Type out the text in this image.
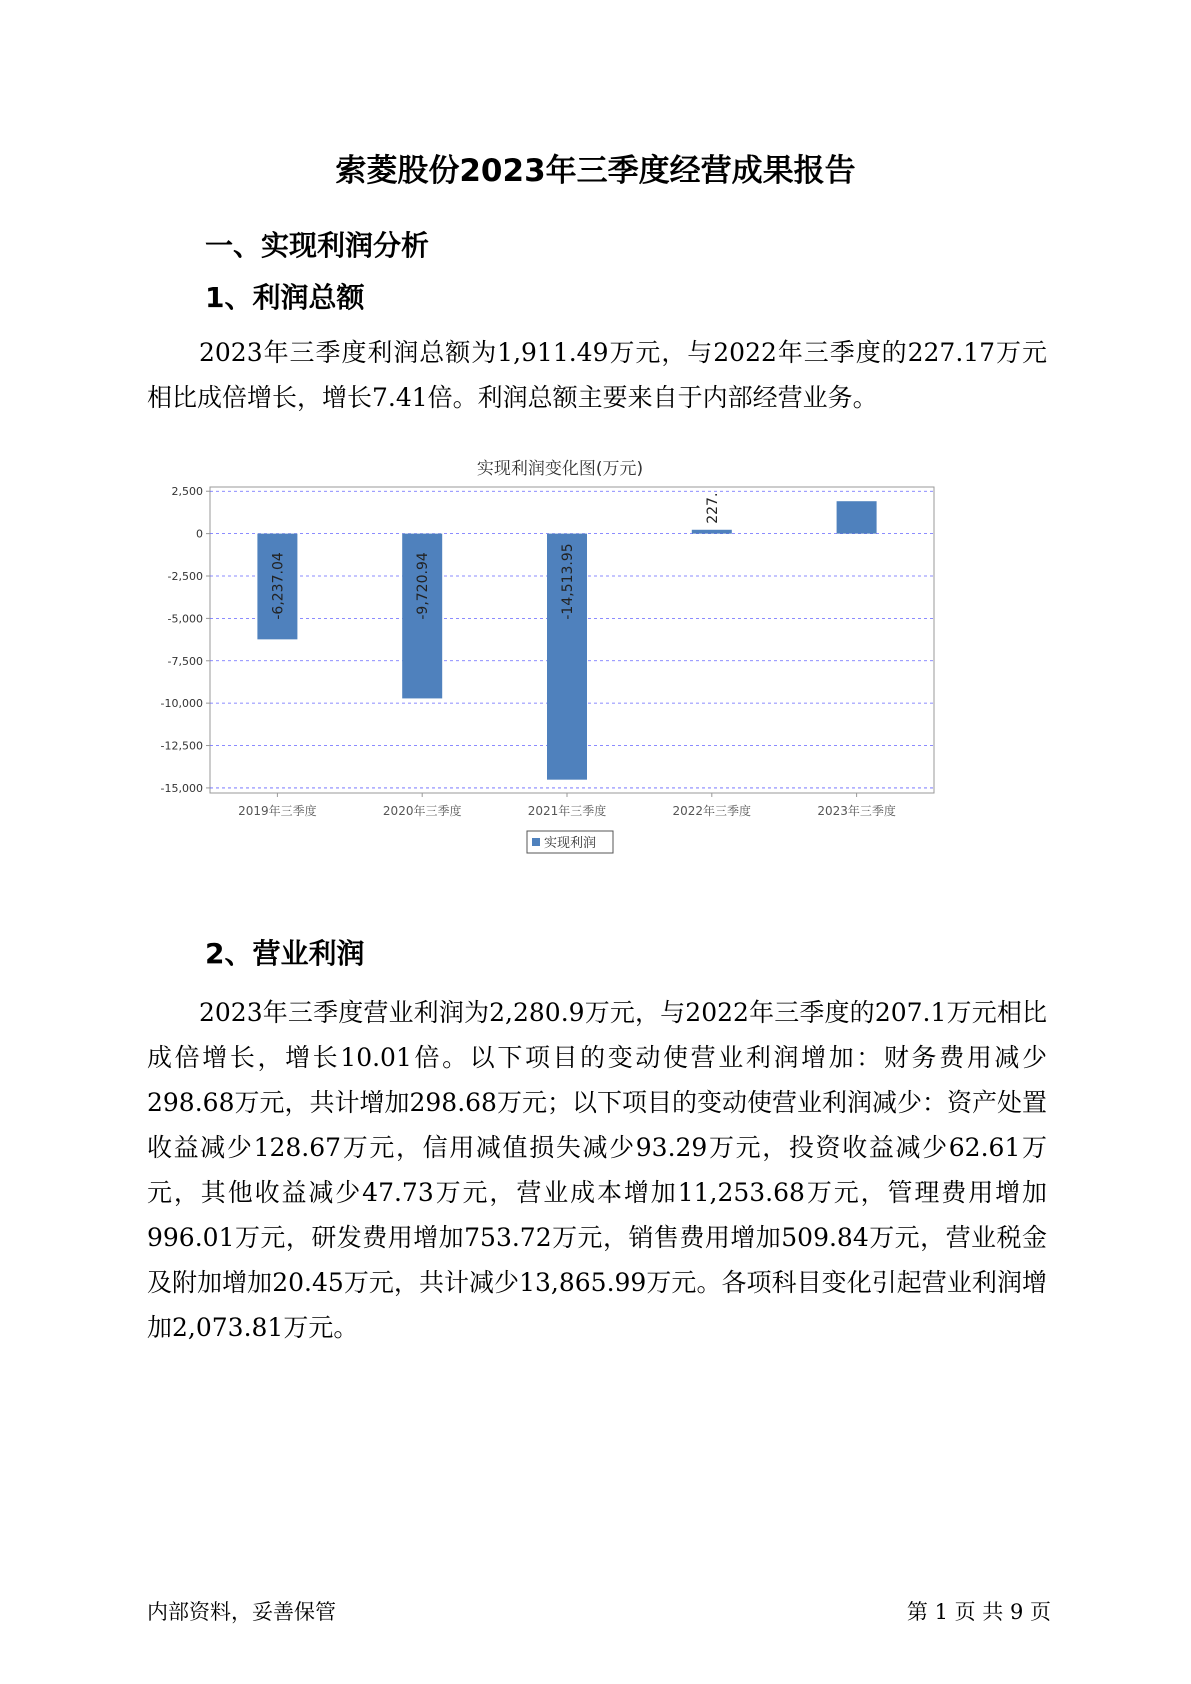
索菱股份2023年三季度经营成果报告
一、实现利润分析
1、利润总额
2023年三季度利润总额为1,911.49万元，与2022年三季度的227.17万元相比成倍增长，增长7.41倍。利润总额主要来自于内部经营业务。
实现利润变化图(万元)
2,500
0
-2,500
-5,000
-7,500
-10,000
-12,500
-15,000
2019年三季度
-6,237.04
2020年三季度
-9,720.94
2021年三季度
-14,513.95
2022年三季度
227.
2023年三季度
实现利润
2、营业利润
2023年三季度营业利润为2,280.9万元，与2022年三季度的207.1万元相比成倍增长，增长10.01倍。以下项目的变动使营业利润增加：财务费用减少298.68万元，共计增加298.68万元；以下项目的变动使营业利润减少：资产处置收益减少128.67万元，信用减值损失减少93.29万元，投资收益减少62.61万元，其他收益减少47.73万元，营业成本增加11,253.68万元，管理费用增加996.01万元，研发费用增加753.72万元，销售费用增加509.84万元，营业税金及附加增加20.45万元，共计减少13,865.99万元。各项科目变化引起营业利润增加2,073.81万元。
内部资料，妥善保管	第 1 页 共 9 页
